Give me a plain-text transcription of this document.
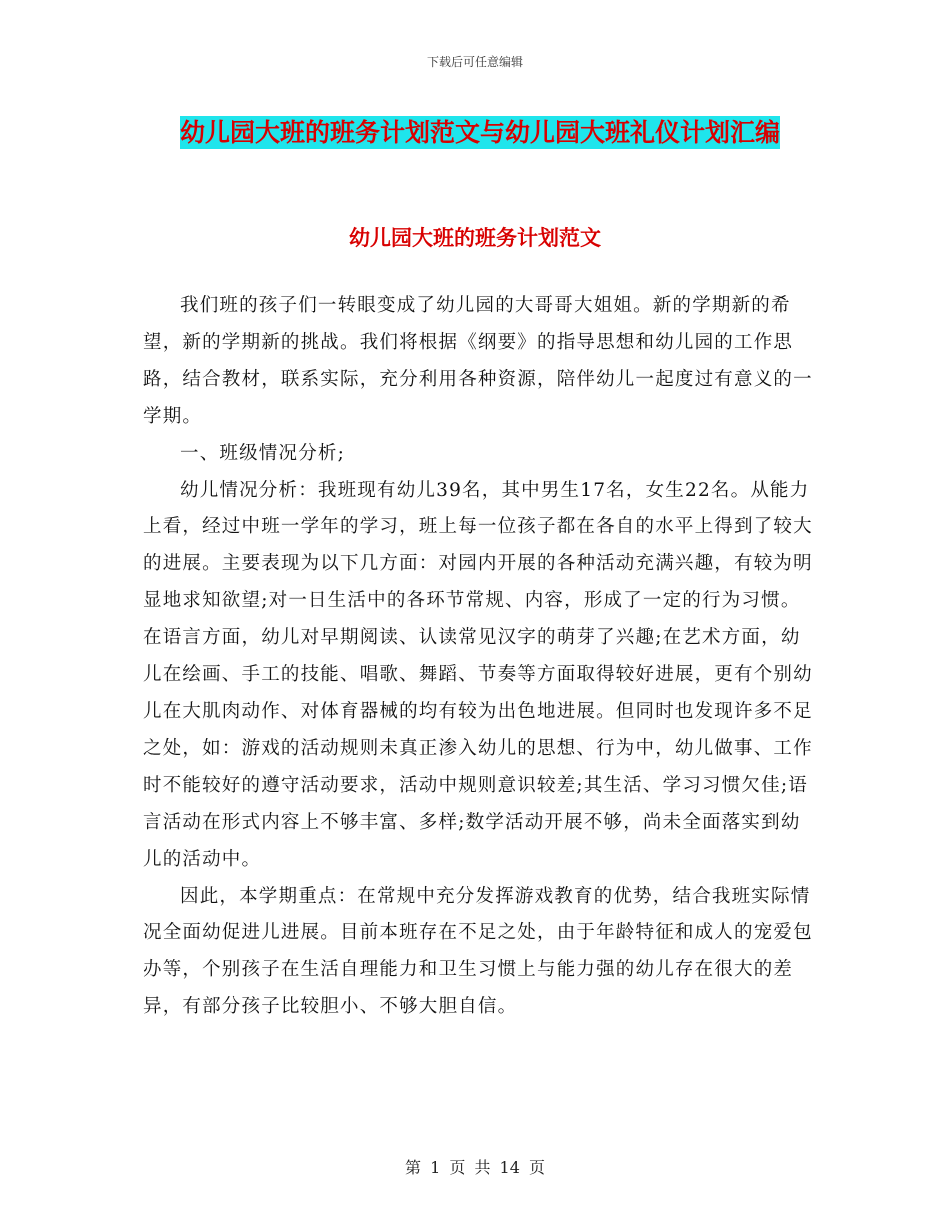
下载后可任意编辑
幼儿园大班的班务计划范文与幼儿园大班礼仪计划汇编
幼儿园大班的班务计划范文

我们班的孩子们一转眼变成了幼儿园的大哥哥大姐姐。新的学期新的希望，新的学期新的挑战。我们将根据《纲要》的指导思想和幼儿园的工作思路，结合教材，联系实际，充分利用各种资源，陪伴幼儿一起度过有意义的一学期。

一、班级情况分析;

幼儿情况分析：我班现有幼儿39名，其中男生17名，女生22名。从能力上看，经过中班一学年的学习，班上每一位孩子都在各自的水平上得到了较大的进展。主要表现为以下几方面：对园内开展的各种活动充满兴趣，有较为明显地求知欲望;对一日生活中的各环节常规、内容，形成了一定的行为习惯。在语言方面，幼儿对早期阅读、认读常见汉字的萌芽了兴趣;在艺术方面，幼儿在绘画、手工的技能、唱歌、舞蹈、节奏等方面取得较好进展，更有个别幼儿在大肌肉动作、对体育器械的均有较为出色地进展。但同时也发现许多不足之处，如：游戏的活动规则未真正渗入幼儿的思想、行为中，幼儿做事、工作时不能较好的遵守活动要求，活动中规则意识较差;其生活、学习习惯欠佳;语言活动在形式内容上不够丰富、多样;数学活动开展不够，尚未全面落实到幼儿的活动中。

因此，本学期重点：在常规中充分发挥游戏教育的优势，结合我班实际情况全面幼促进儿进展。目前本班存在不足之处，由于年龄特征和成人的宠爱包办等，个别孩子在生活自理能力和卫生习惯上与能力强的幼儿存在很大的差异，有部分孩子比较胆小、不够大胆自信。

第 1 页 共 14 页
